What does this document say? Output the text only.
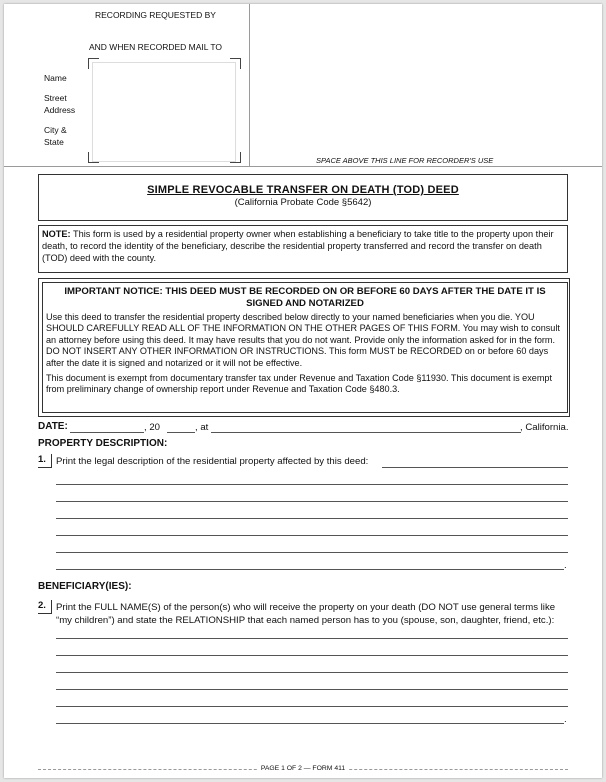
RECORDING REQUESTED BY
AND WHEN RECORDED MAIL TO
Name
Street
Address
City &
State
SPACE ABOVE THIS LINE FOR RECORDER'S USE
SIMPLE REVOCABLE TRANSFER ON DEATH (TOD) DEED
(California Probate Code §5642)
NOTE: This form is used by a residential property owner when establishing a beneficiary to take title to the property upon their death, to record the identity of the beneficiary, describe the residential property transferred and record the transfer on death (TOD) deed with the county.
IMPORTANT NOTICE: THIS DEED MUST BE RECORDED ON OR BEFORE 60 DAYS AFTER THE DATE IT IS SIGNED AND NOTARIZED

Use this deed to transfer the residential property described below directly to your named beneficiaries when you die. YOU SHOULD CAREFULLY READ ALL OF THE INFORMATION ON THE OTHER PAGES OF THIS FORM. You may wish to consult an attorney before using this deed. It may have results that you do not want. Provide only the information asked for in the form. DO NOT INSERT ANY OTHER INFORMATION OR INSTRUCTIONS. This form MUST be RECORDED on or before 60 days after the date it is signed and notarized or it will not be effective.

This document is exempt from documentary transfer tax under Revenue and Taxation Code §11930. This document is exempt from preliminary change of ownership report under Revenue and Taxation Code §480.3.

DATE:	, 20	, at	, California.
PROPERTY DESCRIPTION:
1.	Print the legal description of the residential property affected by this deed:
.
BENEFICIARY(IES):
2.	Print the FULL NAME(S) of the person(s) who will receive the property on your death (DO NOT use general terms like
“my children”) and state the RELATIONSHIP that each named person has to you (spouse, son, daughter, friend, etc.):
.
PAGE 1 OF 2 — FORM 411
